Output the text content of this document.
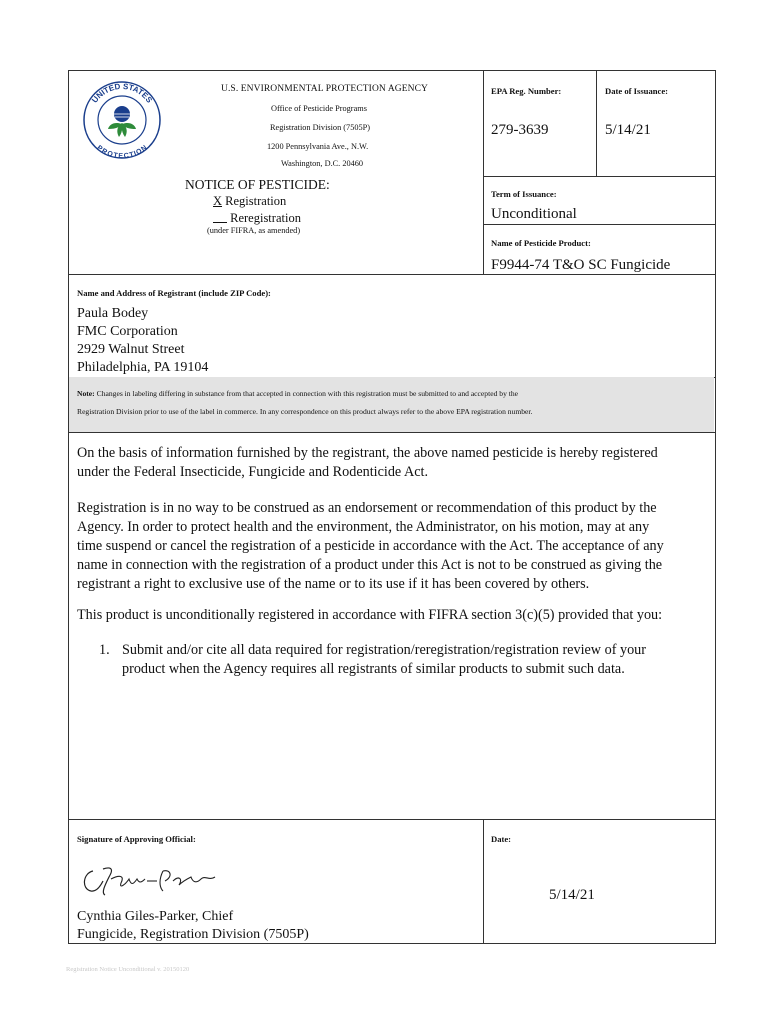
UNITED STATES
PROTECTION
U.S. ENVIRONMENTAL PROTECTION AGENCY
Office of Pesticide Programs
Registration Division (7505P)
1200 Pennsylvania Ave., N.W.
Washington, D.C. 20460
NOTICE OF PESTICIDE:
X Registration
Reregistration
(under FIFRA, as amended)
EPA Reg. Number:
279-3639
Date of Issuance:
5/14/21
Term of Issuance:
Unconditional
Name of Pesticide Product:
F9944-74 T&O SC Fungicide
Name and Address of Registrant (include ZIP Code):
Paula Bodey
FMC Corporation
2929 Walnut Street
Philadelphia, PA 19104
Note: Changes in labeling differing in substance from that accepted in connection with this registration must be submitted to and accepted by the
Registration Division prior to use of the label in commerce. In any correspondence on this product always refer to the above EPA registration number.
On the basis of information furnished by the registrant, the above named pesticide is hereby registered
under the Federal Insecticide, Fungicide and Rodenticide Act.
Registration is in no way to be construed as an endorsement or recommendation of this product by the
Agency. In order to protect health and the environment, the Administrator, on his motion, may at any
time suspend or cancel the registration of a pesticide in accordance with the Act. The acceptance of any
name in connection with the registration of a product under this Act is not to be construed as giving the
registrant a right to exclusive use of the name or to its use if it has been covered by others.
This product is unconditionally registered in accordance with FIFRA section 3(c)(5) provided that you:
1. Submit and/or cite all data required for registration/reregistration/registration review of your
product when the Agency requires all registrants of similar products to submit such data.
Signature of Approving Official:
Cynthia Giles-Parker, Chief
Fungicide, Registration Division (7505P)
Date:
5/14/21
Registration Notice Unconditional v. 20150120
